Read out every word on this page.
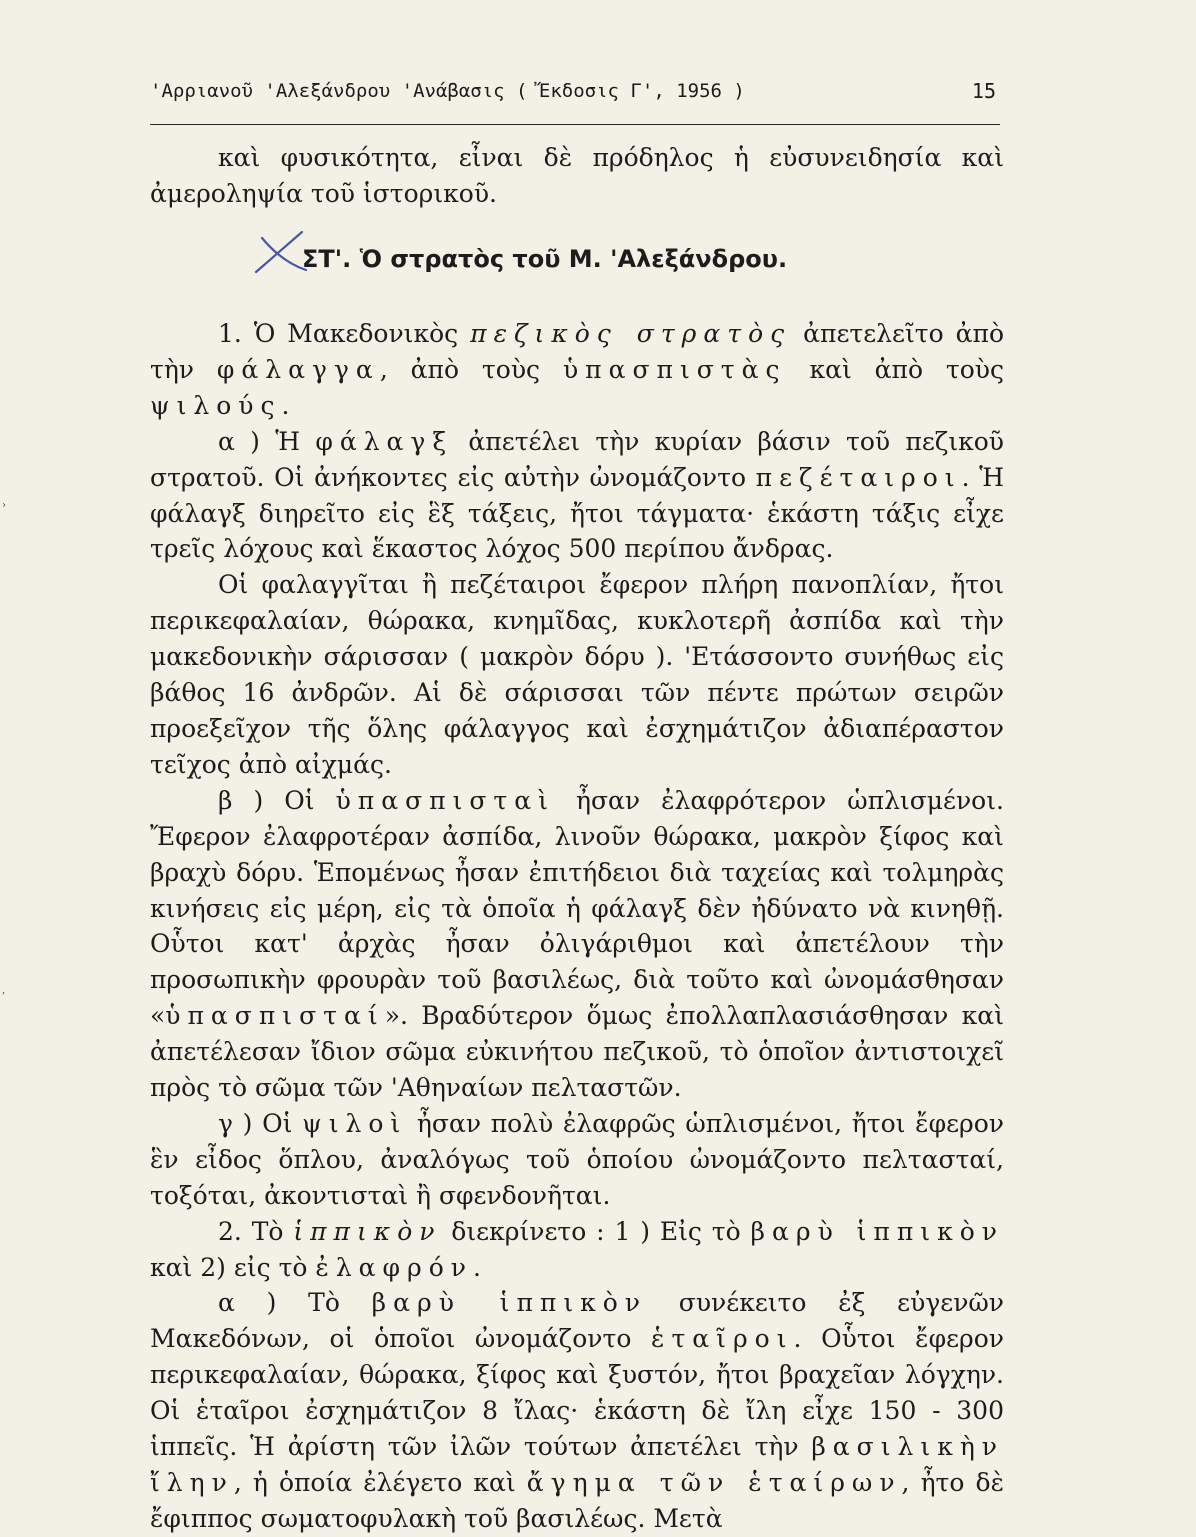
'Αρριανοῦ 'Αλεξάνδρου 'Ανάβασις ( Ἔκδοσις Γ', 1956 )	15

καὶ φυσικότητα, εἶναι δὲ πρόδηλος ἡ εὐσυνειδησία καὶ ἀμεροληψία τοῦ ἱστορικοῦ.

ΣΤ'. Ὁ στρατὸς τοῦ Μ. 'Αλεξάνδρου.

1. Ὁ Μακεδονικὸς πεζικὸς στρατὸς ἀπετελεῖτο ἀπὸ τὴν φάλαγγα, ἀπὸ τοὺς ὑπασπιστὰς καὶ ἀπὸ τοὺς ψιλούς.

α ) Ἡ φάλαγξ ἀπετέλει τὴν κυρίαν βάσιν τοῦ πεζικοῦ στρατοῦ. Οἱ ἀνήκοντες εἰς αὐτὴν ὠνομάζοντο πεζέταιροι. Ἡ φάλαγξ διηρεῖτο εἰς ἓξ τάξεις, ἤτοι τάγματα· ἑκάστη τάξις εἶχε τρεῖς λόχους καὶ ἕκαστος λόχος 500 περίπου ἄνδρας.

Οἱ φαλαγγῖται ἢ πεζέταιροι ἔφερον πλήρη πανοπλίαν, ἤτοι περικεφαλαίαν, θώρακα, κνημῖδας, κυκλοτερῆ ἀσπίδα καὶ τὴν μακεδονικὴν σάρισσαν ( μακρὸν δόρυ ). 'Ετάσσοντο συνήθως εἰς βάθος 16 ἀνδρῶν. Αἱ δὲ σάρισσαι τῶν πέντε πρώτων σειρῶν προεξεῖχον τῆς ὅλης φάλαγγος καὶ ἐσχημάτιζον ἀδιαπέραστον τεῖχος ἀπὸ αἰχμάς.

β ) Οἱ ὑπασπισταὶ ἦσαν ἐλαφρότερον ὡπλισμένοι. Ἔφερον ἐλαφροτέραν ἀσπίδα, λινοῦν θώρακα, μακρὸν ξίφος καὶ βραχὺ δόρυ. Ἑπομένως ἦσαν ἐπιτήδειοι διὰ ταχείας καὶ τολμηρὰς κινήσεις εἰς μέρη, εἰς τὰ ὁποῖα ἡ φάλαγξ δὲν ἠδύνατο νὰ κινηθῇ. Οὗτοι κατ' ἀρχὰς ἦσαν ὀλιγάριθμοι καὶ ἀπετέλουν τὴν προσωπικὴν φρουρὰν τοῦ βασιλέως, διὰ τοῦτο καὶ ὠνομάσθησαν «ὑπασπισταί». Βραδύτερον ὅμως ἐπολλαπλασιάσθησαν καὶ ἀπετέλεσαν ἴδιον σῶμα εὐκινήτου πεζικοῦ, τὸ ὁποῖον ἀντιστοιχεῖ πρὸς τὸ σῶμα τῶν 'Αθηναίων πελταστῶν.

γ ) Οἱ ψιλοὶ ἦσαν πολὺ ἐλαφρῶς ὡπλισμένοι, ἤτοι ἔφερον ἓν εἶδος ὅπλου, ἀναλόγως τοῦ ὁποίου ὠνομάζοντο πελτασταί, τοξόται, ἀκοντισταὶ ἢ σφενδονῆται.

2. Τὸ ἱππικὸν διεκρίνετο : 1 ) Εἰς τὸ βαρὺ ἱππικὸν καὶ 2) εἰς τὸ ἐλαφρόν.

α ) Τὸ βαρὺ ἱππικὸν συνέκειτο ἐξ εὐγενῶν Μακεδόνων, οἱ ὁποῖοι ὠνομάζοντο ἑταῖροι. Οὗτοι ἔφερον περικεφαλαίαν, θώρακα, ξίφος καὶ ξυστόν, ἤτοι βραχεῖαν λόγχην. Οἱ ἑταῖροι ἐσχημάτιζον 8 ἴλας· ἑκάστη δὲ ἴλη εἶχε 150 - 300 ἱππεῖς. Ἡ ἀρίστη τῶν ἰλῶν τούτων ἀπετέλει τὴν βασιλικὴν ἴλην, ἡ ὁποία ἐλέγετο καὶ ἄγημα τῶν ἑταίρων, ἦτο δὲ ἔφιππος σωματοφυλακὴ τοῦ βασιλέως. Μετὰ

›
‚
